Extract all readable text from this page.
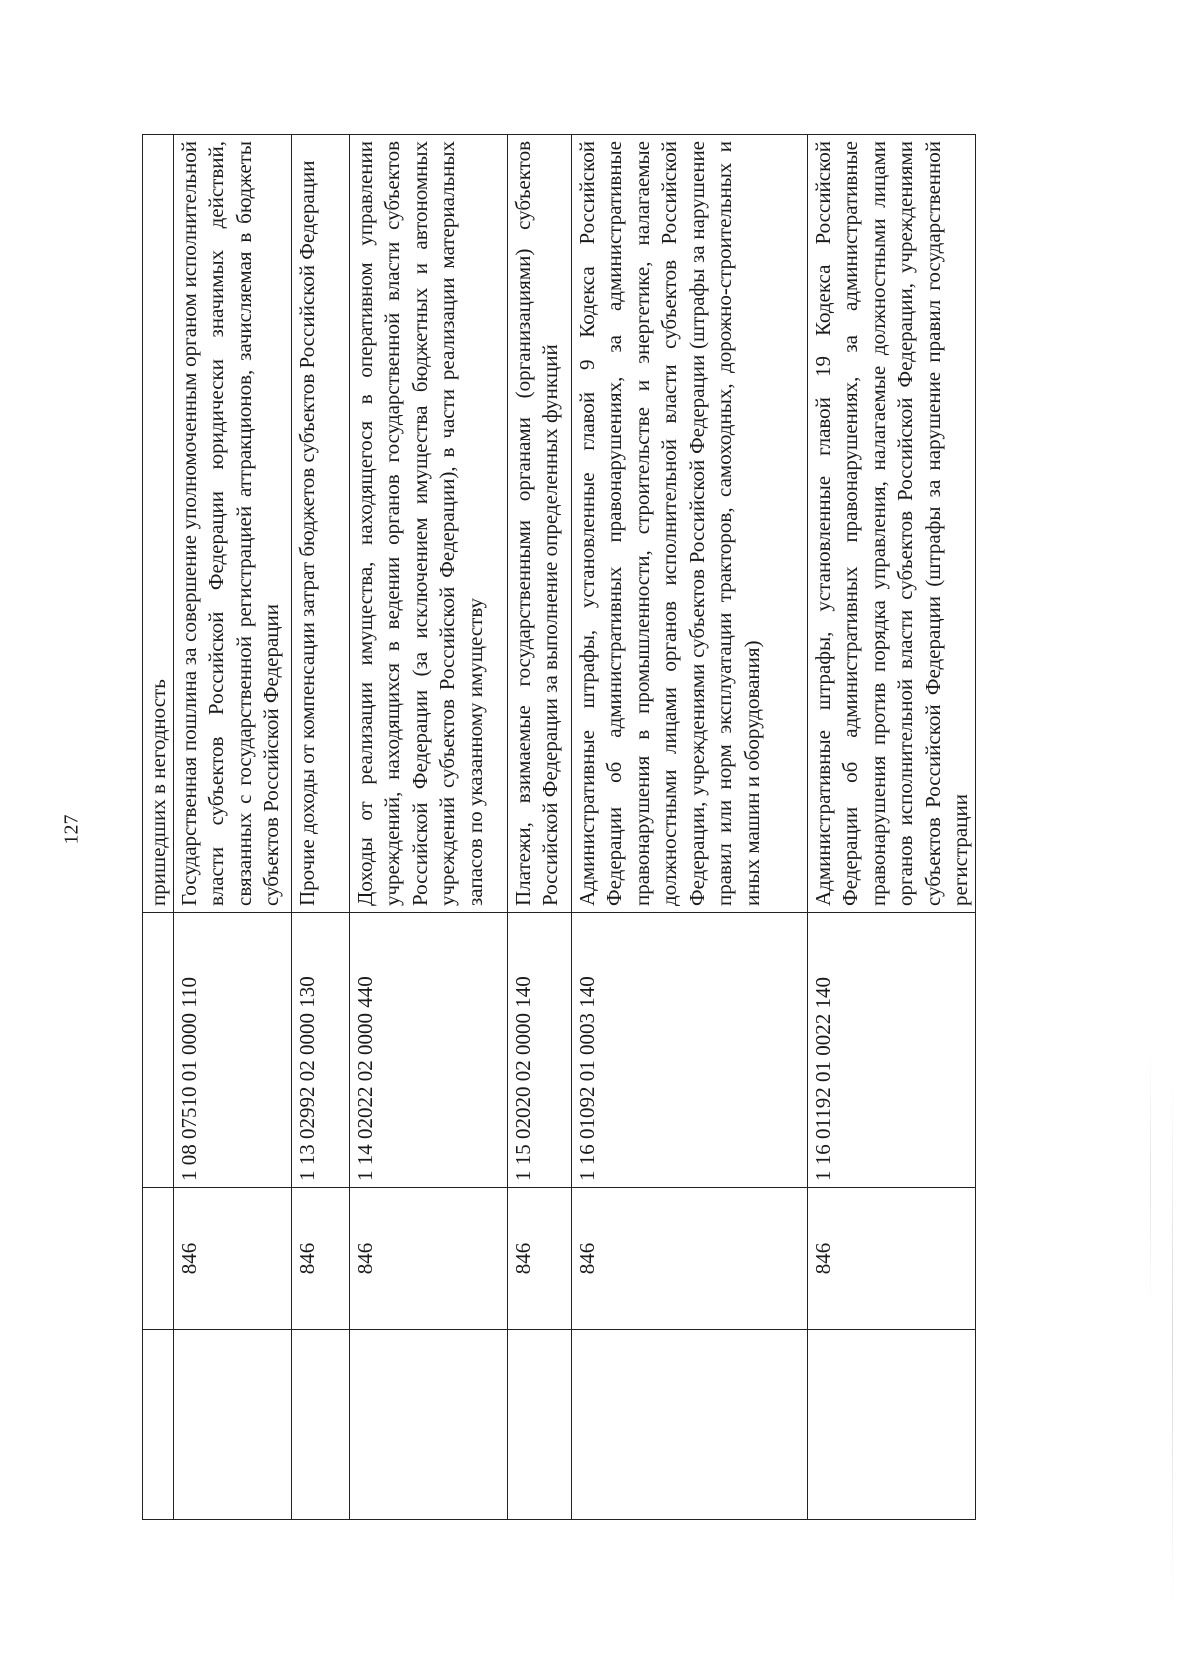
127
				пришедших в негодность
	846	1 08 07510 01 0000 110	Государственная пошлина за совершение уполномоченным органом исполнительной власти субъектов Российской Федерации юридически значимых действий, связанных с государственной регистрацией аттракционов, зачисляемая в бюджеты субъектов Российской Федерации
	846	1 13 02992 02 0000 130	Прочие доходы от компенсации затрат бюджетов субъектов Российской Федерации
	846	1 14 02022 02 0000 440	Доходы от реализации имущества, находящегося в оперативном управлении учреждений, находящихся в ведении органов государственной власти субъектов Российской Федерации (за исключением имущества бюджетных и автономных учреждений субъектов Российской Федерации), в части реализации материальных запасов по указанному имуществу
	846	1 15 02020 02 0000 140	Платежи, взимаемые государственными органами (организациями) субъектов Российской Федерации за выполнение определенных функций
	846	1 16 01092 01 0003 140	Административные штрафы, установленные главой 9 Кодекса Российской Федерации об административных правонарушениях, за административные правонарушения в промышленности, строительстве и энергетике, налагаемые должностными лицами органов исполнительной власти субъектов Российской Федерации, учреждениями субъектов Российской Федерации (штрафы за нарушение правил или норм эксплуатации тракторов, самоходных, дорожно-строительных и иных машин и оборудования)
	846	1 16 01192 01 0022 140	Административные штрафы, установленные главой 19 Кодекса Российской Федерации об административных правонарушениях, за административные правонарушения против порядка управления, налагаемые должностными лицами органов исполнительной власти субъектов Российской Федерации, учреждениями субъектов Российской Федерации (штрафы за нарушение правил государственной регистрации
